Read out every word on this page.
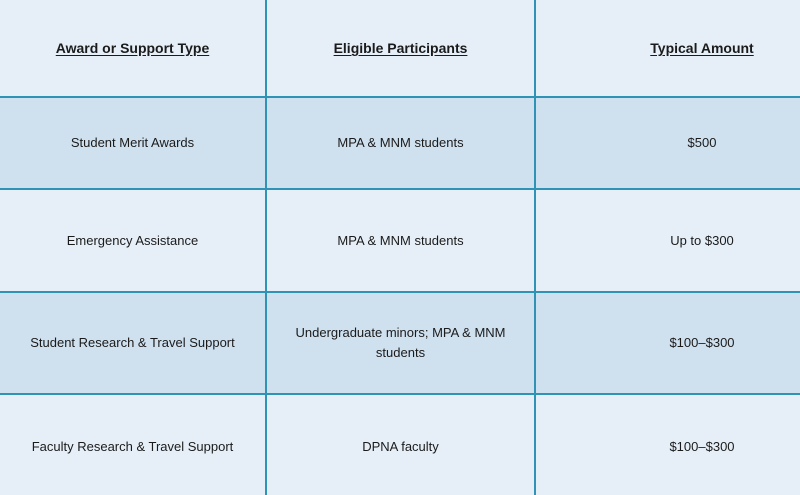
Award or Support Type	Eligible Participants	Typical Amount
Student Merit Awards	MPA & MNM students	$500
Emergency Assistance	MPA & MNM students	Up to $300
Student Research & Travel Support	Undergraduate minors; MPA & MNM students	$100–$300
Faculty Research & Travel Support	DPNA faculty	$100–$300
